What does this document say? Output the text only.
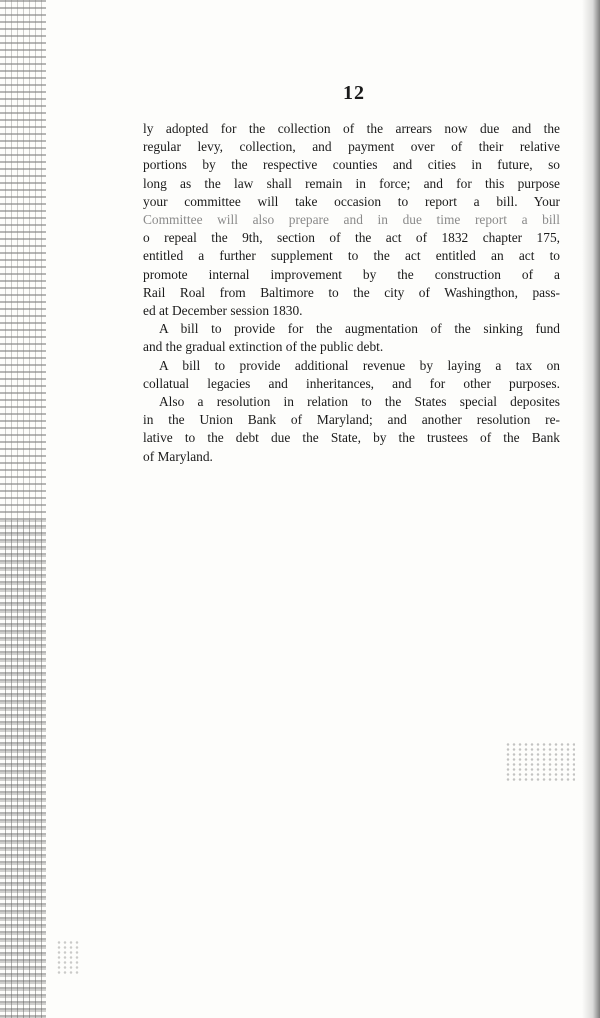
12
ly adopted for the collection of the arrears now due and the
regular levy, collection, and payment over of their relative
portions by the respective counties and cities in future, so
long as the law shall remain in force; and for this purpose
your committee will take occasion to report a bill. Your
Committee will also prepare and in due time report a bill
o repeal the 9th, section of the act of 1832 chapter 175,
entitled a further supplement to the act entitled an act to
promote internal improvement by the construction of a
Rail Roal from Baltimore to the city of Washingthon, pass-
ed at December session 1830.
A bill to provide for the augmentation of the sinking fund
and the gradual extinction of the public debt.
A bill to provide additional revenue by laying a tax on
collatual legacies and inheritances, and for other purposes.
Also a resolution in relation to the States special deposites
in the Union Bank of Maryland; and another resolution re-
lative to the debt due the State, by the trustees of the Bank
of Maryland.
